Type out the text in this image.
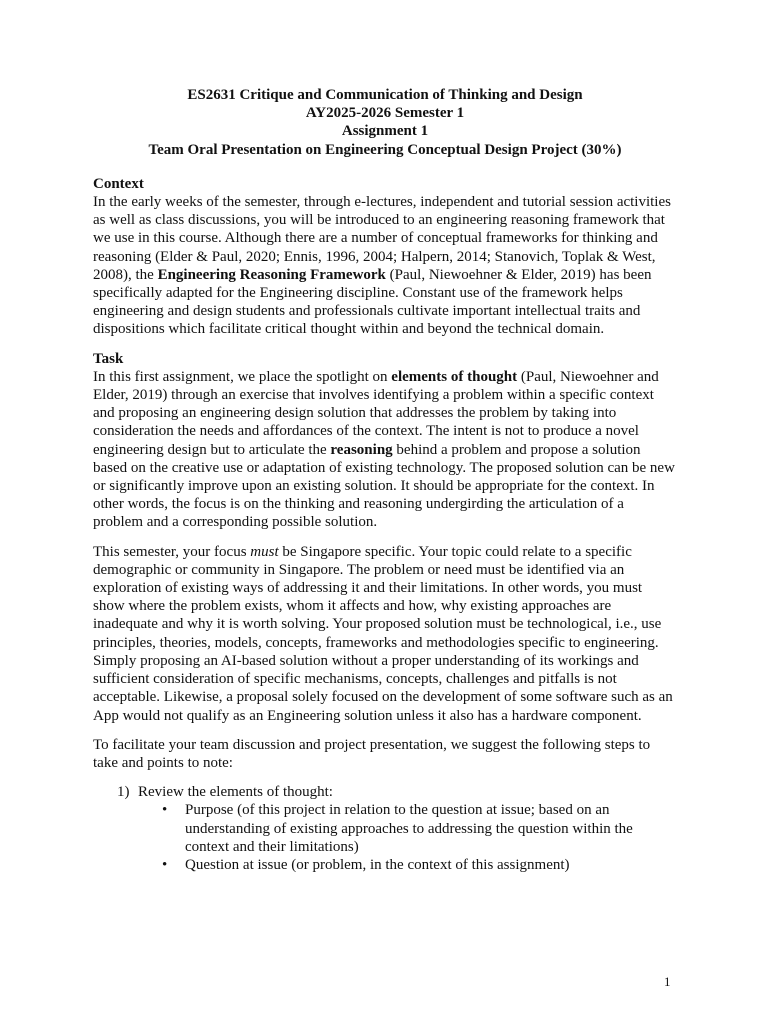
ES2631 Critique and Communication of Thinking and Design
AY2025-2026 Semester 1
Assignment 1
Team Oral Presentation on Engineering Conceptual Design Project (30%)
Context

In the early weeks of the semester, through e-lectures, independent and tutorial session activities as well as class discussions, you will be introduced to an engineering reasoning framework that we use in this course. Although there are a number of conceptual frameworks for thinking and reasoning (Elder & Paul, 2020; Ennis, 1996, 2004; Halpern, 2014; Stanovich, Toplak & West, 2008), the Engineering Reasoning Framework (Paul, Niewoehner & Elder, 2019) has been specifically adapted for the Engineering discipline. Constant use of the framework helps engineering and design students and professionals cultivate important intellectual traits and dispositions which facilitate critical thought within and beyond the technical domain.

Task

In this first assignment, we place the spotlight on elements of thought (Paul, Niewoehner and Elder, 2019) through an exercise that involves identifying a problem within a specific context and proposing an engineering design solution that addresses the problem by taking into consideration the needs and affordances of the context. The intent is not to produce a novel engineering design but to articulate the reasoning behind a problem and propose a solution based on the creative use or adaptation of existing technology. The proposed solution can be new or significantly improve upon an existing solution. It should be appropriate for the context. In other words, the focus is on the thinking and reasoning undergirding the articulation of a problem and a corresponding possible solution.

This semester, your focus must be Singapore specific. Your topic could relate to a specific demographic or community in Singapore. The problem or need must be identified via an exploration of existing ways of addressing it and their limitations. In other words, you must show where the problem exists, whom it affects and how, why existing approaches are inadequate and why it is worth solving. Your proposed solution must be technological, i.e., use principles, theories, models, concepts, frameworks and methodologies specific to engineering. Simply proposing an AI-based solution without a proper understanding of its workings and sufficient consideration of specific mechanisms, concepts, challenges and pitfalls is not acceptable. Likewise, a proposal solely focused on the development of some software such as an App would not qualify as an Engineering solution unless it also has a hardware component.

To facilitate your team discussion and project presentation, we suggest the following steps to take and points to note:

1) Review the elements of thought:
• Purpose (of this project in relation to the question at issue; based on an understanding of existing approaches to addressing the question within the context and their limitations)
• Question at issue (or problem, in the context of this assignment)
1
